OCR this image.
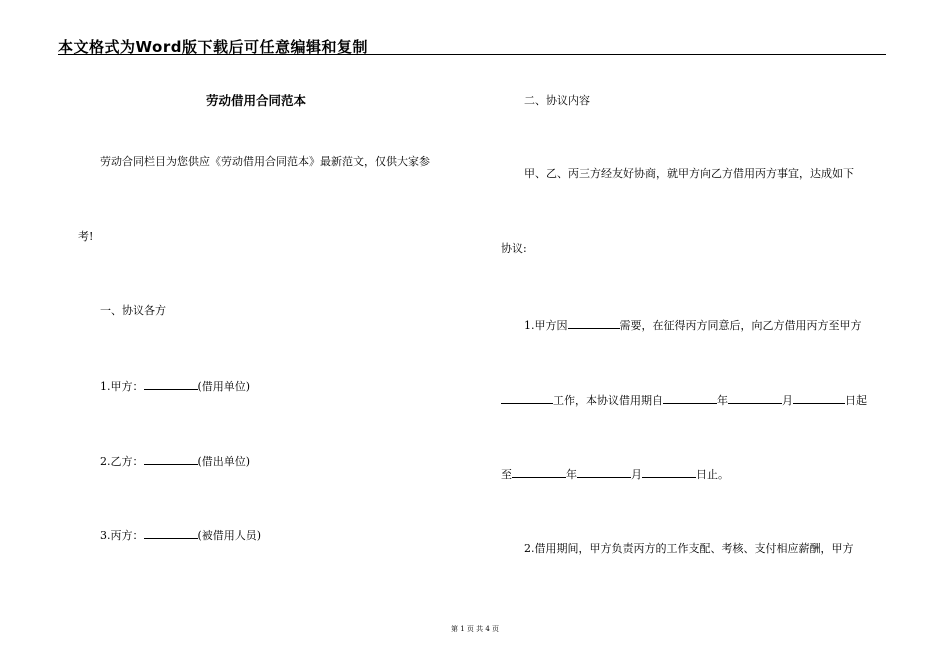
本文格式为Word版下载后可任意编辑和复制
劳动借用合同范本
劳动合同栏目为您供应《劳动借用合同范本》最新范文，仅供大家参
考!
一、协议各方
1.甲方：	(借用单位)
2.乙方：	(借出单位)
3.丙方：	(被借用人员)
二、协议内容
甲、乙、丙三方经友好协商，就甲方向乙方借用丙方事宜，达成如下
协议:
1.甲方因	需要，在征得丙方同意后，向乙方借用丙方至甲方
工作，本协议借用期自	年	月	日起
至	年	月	日止。
2.借用期间，甲方负责丙方的工作支配、考核、支付相应薪酬，甲方
第 1 页 共 4 页
